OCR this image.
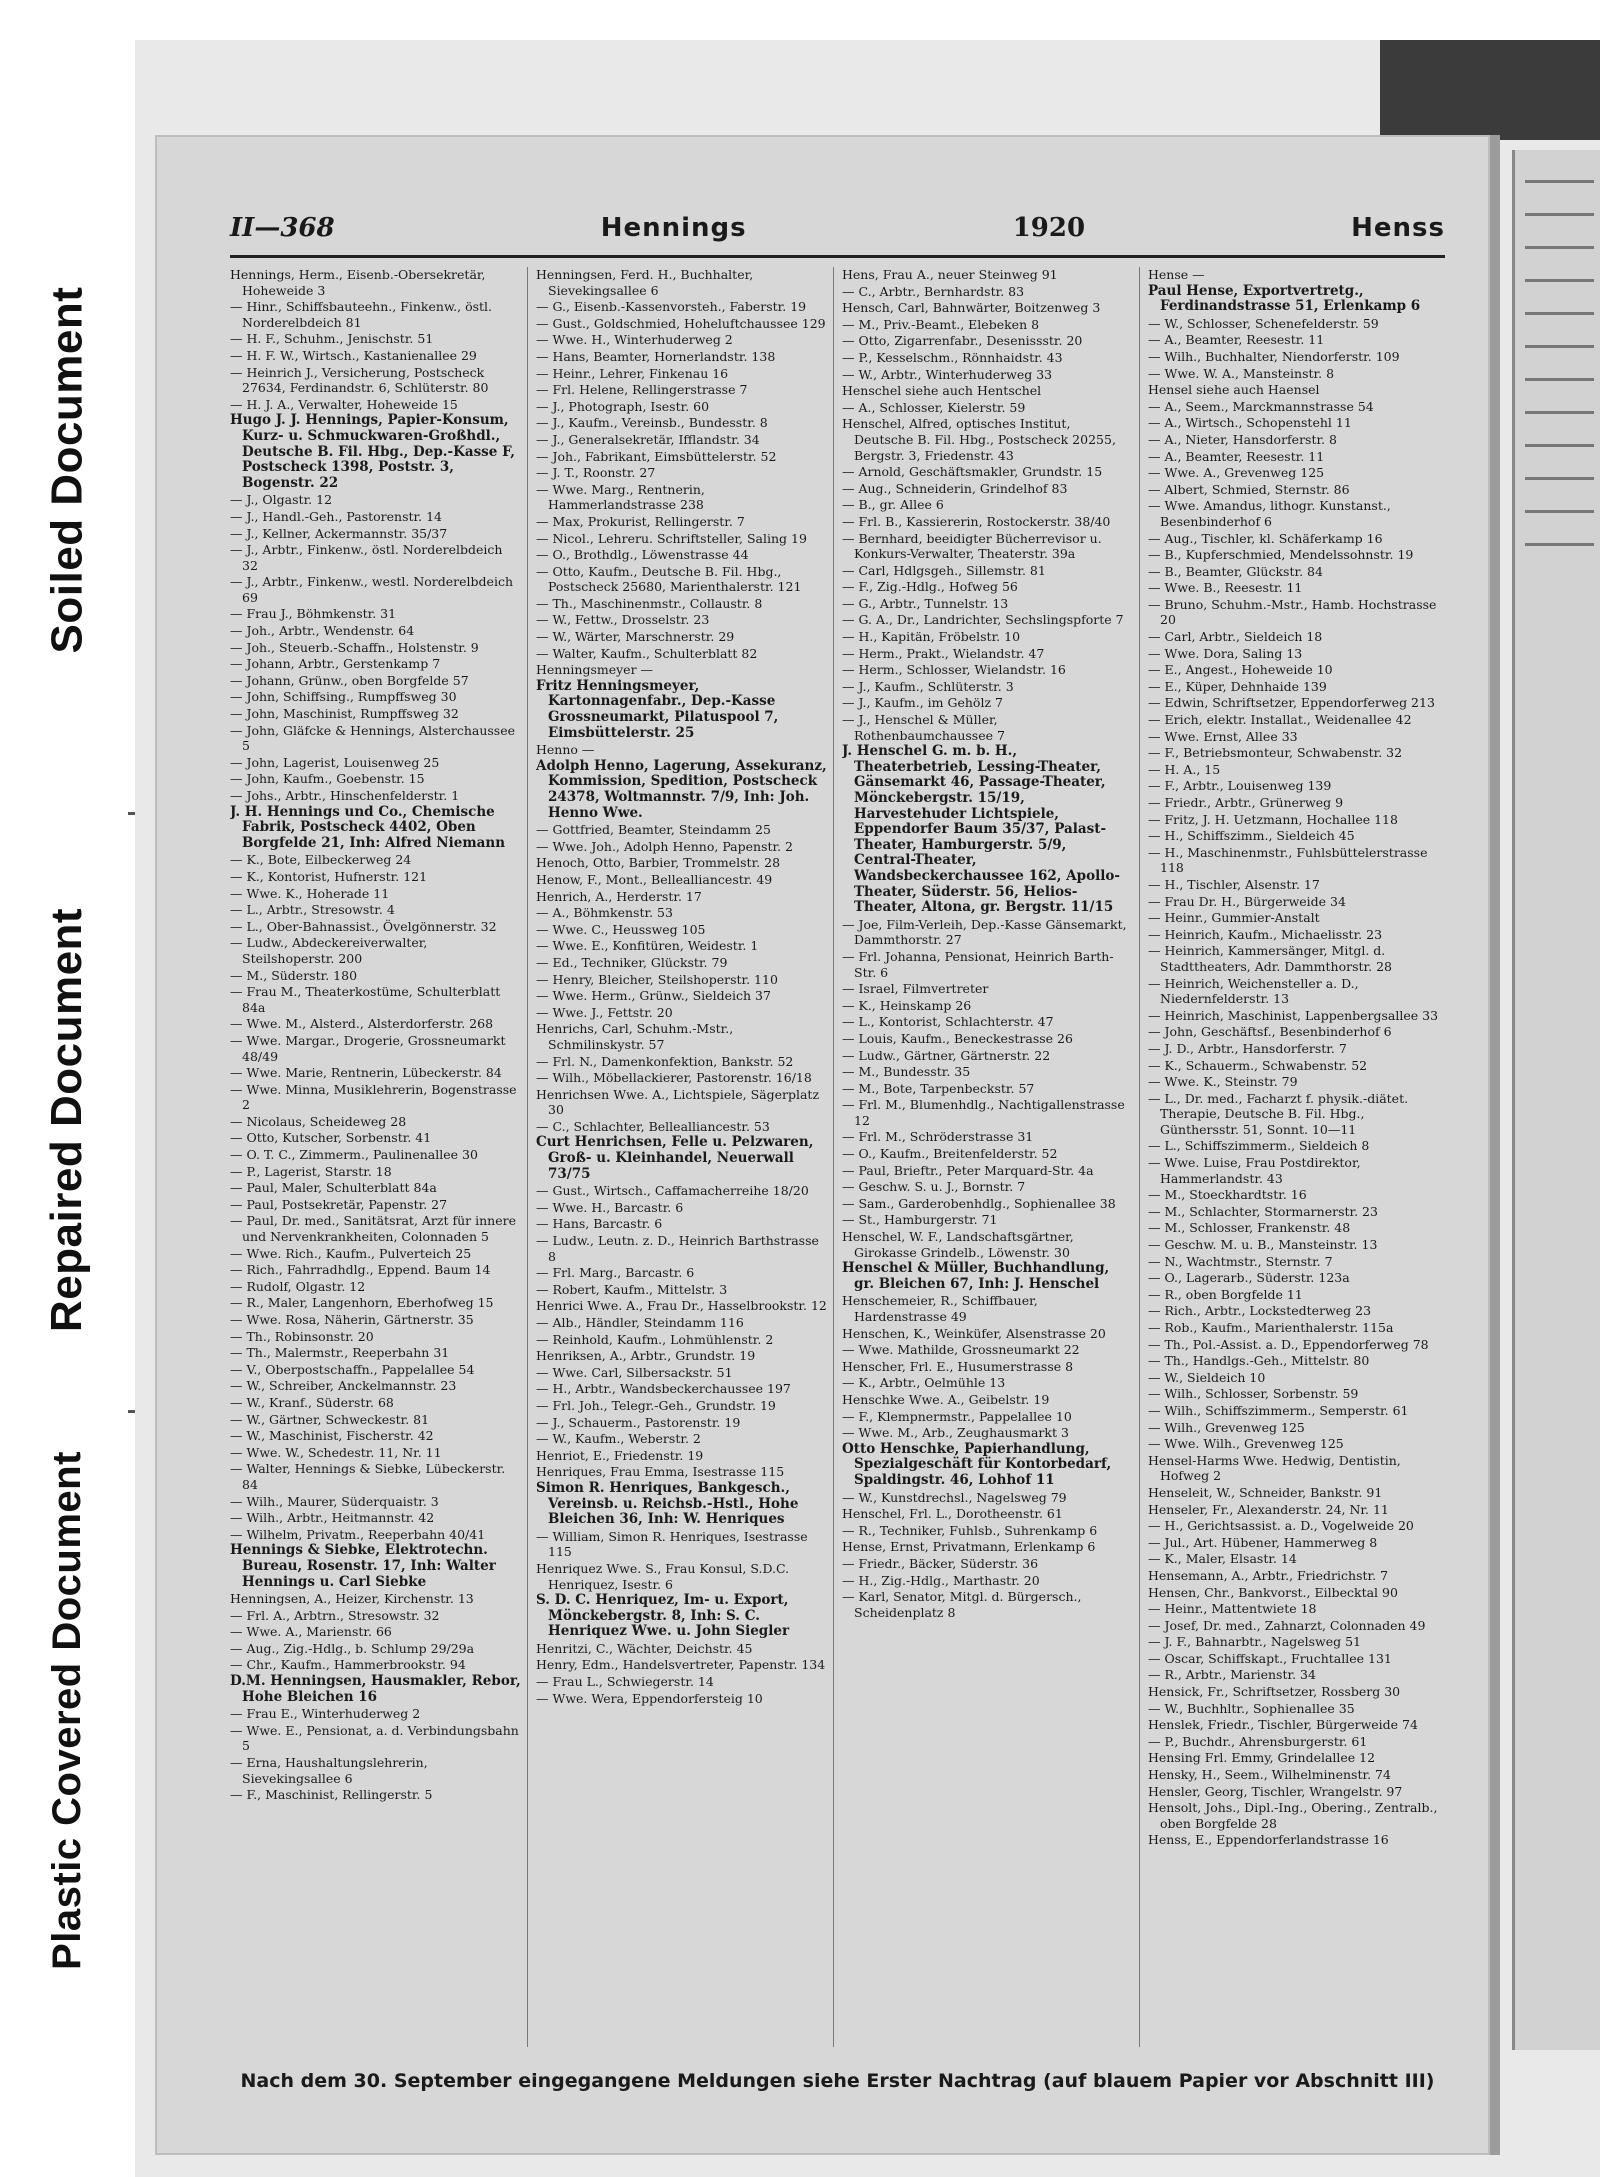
Soiled Document
Repaired Document
Plastic Covered Document
II—368	Hennings	1920	Henss
Hennings, Herm., Eisenb.-Obersekretär, Hoheweide 3
— Hinr., Schiffsbauteehn., Finkenw., östl. Norderelbdeich 81
— H. F., Schuhm., Jenischstr. 51
— H. F. W., Wirtsch., Kastanienallee 29
— Heinrich J., Versicherung, Postscheck 27634, Ferdinandstr. 6, Schlüterstr. 80
— H. J. A., Verwalter, Hoheweide 15
Hugo J. J. Hennings, Papier-Konsum, Kurz- u. Schmuckwaren-Großhdl., Deutsche B. Fil. Hbg., Dep.-Kasse F, Postscheck 1398, Poststr. 3, Bogenstr. 22
— J., Olgastr. 12
— J., Handl.-Geh., Pastorenstr. 14
— J., Kellner, Ackermannstr. 35/37
— J., Arbtr., Finkenw., östl. Norderelbdeich 32
— J., Arbtr., Finkenw., westl. Norderelbdeich 69
— Frau J., Böhmkenstr. 31
— Joh., Arbtr., Wendenstr. 64
— Joh., Steuerb.-Schaffn., Holstenstr. 9
— Johann, Arbtr., Gerstenkamp 7
— Johann, Grünw., oben Borgfelde 57
— John, Schiffsing., Rumpffsweg 30
— John, Maschinist, Rumpffsweg 32
— John, Gläfcke & Hennings, Alsterchaussee 5
— John, Lagerist, Louisenweg 25
— John, Kaufm., Goebenstr. 15
— Johs., Arbtr., Hinschenfelderstr. 1
J. H. Hennings und Co., Chemische Fabrik, Postscheck 4402, Oben Borgfelde 21, Inh: Alfred Niemann
— K., Bote, Eilbeckerweg 24
— K., Kontorist, Hufnerstr. 121
— Wwe. K., Hoherade 11
— L., Arbtr., Stresowstr. 4
— L., Ober-Bahnassist., Övelgönnerstr. 32
— Ludw., Abdeckereiverwalter, Steilshoperstr. 200
— M., Süderstr. 180
— Frau M., Theaterkostüme, Schulterblatt 84a
— Wwe. M., Alsterd., Alsterdorferstr. 268
— Wwe. Margar., Drogerie, Grossneumarkt 48/49
— Wwe. Marie, Rentnerin, Lübeckerstr. 84
— Wwe. Minna, Musiklehrerin, Bogenstrasse 2
— Nicolaus, Scheideweg 28
— Otto, Kutscher, Sorbenstr. 41
— O. T. C., Zimmerm., Paulinenallee 30
— P., Lagerist, Starstr. 18
— Paul, Maler, Schulterblatt 84a
— Paul, Postsekretär, Papenstr. 27
— Paul, Dr. med., Sanitätsrat, Arzt für innere und Nervenkrankheiten, Colonnaden 5
— Wwe. Rich., Kaufm., Pulverteich 25
— Rich., Fahrradhdlg., Eppend. Baum 14
— Rudolf, Olgastr. 12
— R., Maler, Langenhorn, Eberhofweg 15
— Wwe. Rosa, Näherin, Gärtnerstr. 35
— Th., Robinsonstr. 20
— Th., Malermstr., Reeperbahn 31
— V., Oberpostschaffn., Pappelallee 54
— W., Schreiber, Anckelmannstr. 23
— W., Kranf., Süderstr. 68
— W., Gärtner, Schweckestr. 81
— W., Maschinist, Fischerstr. 42
— Wwe. W., Schedestr. 11, Nr. 11
— Walter, Hennings & Siebke, Lübeckerstr. 84
— Wilh., Maurer, Süderquaistr. 3
— Wilh., Arbtr., Heitmannstr. 42
— Wilhelm, Privatm., Reeperbahn 40/41
Hennings & Siebke, Elektrotechn. Bureau, Rosenstr. 17, Inh: Walter Hennings u. Carl Siebke
Henningsen, A., Heizer, Kirchenstr. 13
— Frl. A., Arbtrn., Stresowstr. 32
— Wwe. A., Marienstr. 66
— Aug., Zig.-Hdlg., b. Schlump 29/29a
— Chr., Kaufm., Hammerbrookstr. 94
D.M. Henningsen, Hausmakler, Rebor, Hohe Bleichen 16
— Frau E., Winterhuderweg 2
— Wwe. E., Pensionat, a. d. Verbindungsbahn 5
— Erna, Haushaltungslehrerin, Sievekingsallee 6
— F., Maschinist, Rellingerstr. 5
Henningsen, Ferd. H., Buchhalter, Sievekingsallee 6
— G., Eisenb.-Kassenvorsteh., Faberstr. 19
— Gust., Goldschmied, Hoheluftchaussee 129
— Wwe. H., Winterhuderweg 2
— Hans, Beamter, Hornerlandstr. 138
— Heinr., Lehrer, Finkenau 16
— Frl. Helene, Rellingerstrasse 7
— J., Photograph, Isestr. 60
— J., Kaufm., Vereinsb., Bundesstr. 8
— J., Generalsekretär, Ifflandstr. 34
— Joh., Fabrikant, Eimsbüttelerstr. 52
— J. T., Roonstr. 27
— Wwe. Marg., Rentnerin, Hammerlandstrasse 238
— Max, Prokurist, Rellingerstr. 7
— Nicol., Lehreru. Schriftsteller, Saling 19
— O., Brothdlg., Löwenstrasse 44
— Otto, Kaufm., Deutsche B. Fil. Hbg., Postscheck 25680, Marienthalerstr. 121
— Th., Maschinenmstr., Collaustr. 8
— W., Fettw., Drosselstr. 23
— W., Wärter, Marschnerstr. 29
— Walter, Kaufm., Schulterblatt 82
Henningsmeyer —
Fritz Henningsmeyer, Kartonnagenfabr., Dep.-Kasse Grossneumarkt, Pilatuspool 7, Eimsbüttelerstr. 25
Henno —
Adolph Henno, Lagerung, Assekuranz, Kommission, Spedition, Postscheck 24378, Woltmannstr. 7/9, Inh: Joh. Henno Wwe.
— Gottfried, Beamter, Steindamm 25
— Wwe. Joh., Adolph Henno, Papenstr. 2
Henoch, Otto, Barbier, Trommelstr. 28
Henow, F., Mont., Bellealliancestr. 49
Henrich, A., Herderstr. 17
— A., Böhmkenstr. 53
— Wwe. C., Heussweg 105
— Wwe. E., Konfitüren, Weidestr. 1
— Ed., Techniker, Glückstr. 79
— Henry, Bleicher, Steilshoperstr. 110
— Wwe. Herm., Grünw., Sieldeich 37
— Wwe. J., Fettstr. 20
Henrichs, Carl, Schuhm.-Mstr., Schmilinskystr. 57
— Frl. N., Damenkonfektion, Bankstr. 52
— Wilh., Möbellackierer, Pastorenstr. 16/18
Henrichsen Wwe. A., Lichtspiele, Sägerplatz 30
— C., Schlachter, Bellealliancestr. 53
Curt Henrichsen, Felle u. Pelzwaren, Groß- u. Kleinhandel, Neuerwall 73/75
— Gust., Wirtsch., Caffamacherreihe 18/20
— Wwe. H., Barcastr. 6
— Hans, Barcastr. 6
— Ludw., Leutn. z. D., Heinrich Barthstrasse 8
— Frl. Marg., Barcastr. 6
— Robert, Kaufm., Mittelstr. 3
Henrici Wwe. A., Frau Dr., Hasselbrookstr. 12
— Alb., Händler, Steindamm 116
— Reinhold, Kaufm., Lohmühlenstr. 2
Henriksen, A., Arbtr., Grundstr. 19
— Wwe. Carl, Silbersackstr. 51
— H., Arbtr., Wandsbeckerchaussee 197
— Frl. Joh., Telegr.-Geh., Grundstr. 19
— J., Schauerm., Pastorenstr. 19
— W., Kaufm., Weberstr. 2
Henriot, E., Friedenstr. 19
Henriques, Frau Emma, Isestrasse 115
Simon R. Henriques, Bankgesch., Vereinsb. u. Reichsb.-Hstl., Hohe Bleichen 36, Inh: W. Henriques
— William, Simon R. Henriques, Isestrasse 115
Henriquez Wwe. S., Frau Konsul, S.D.C. Henriquez, Isestr. 6
S. D. C. Henriquez, Im- u. Export, Mönckebergstr. 8, Inh: S. C. Henriquez Wwe. u. John Siegler
Henritzi, C., Wächter, Deichstr. 45
Henry, Edm., Handelsvertreter, Papenstr. 134
— Frau L., Schwiegerstr. 14
— Wwe. Wera, Eppendorfersteig 10
Hens, Frau A., neuer Steinweg 91
— C., Arbtr., Bernhardstr. 83
Hensch, Carl, Bahnwärter, Boitzenweg 3
— M., Priv.-Beamt., Elebeken 8
— Otto, Zigarrenfabr., Desenissstr. 20
— P., Kesselschm., Rönnhaidstr. 43
— W., Arbtr., Winterhuderweg 33
Henschel siehe auch Hentschel
— A., Schlosser, Kielerstr. 59
Henschel, Alfred, optisches Institut, Deutsche B. Fil. Hbg., Postscheck 20255, Bergstr. 3, Friedenstr. 43
— Arnold, Geschäftsmakler, Grundstr. 15
— Aug., Schneiderin, Grindelhof 83
— B., gr. Allee 6
— Frl. B., Kassiererin, Rostockerstr. 38/40
— Bernhard, beeidigter Bücherrevisor u. Konkurs-Verwalter, Theaterstr. 39a
— Carl, Hdlgsgeh., Sillemstr. 81
— F., Zig.-Hdlg., Hofweg 56
— G., Arbtr., Tunnelstr. 13
— G. A., Dr., Landrichter, Sechslingspforte 7
— H., Kapitän, Fröbelstr. 10
— Herm., Prakt., Wielandstr. 47
— Herm., Schlosser, Wielandstr. 16
— J., Kaufm., Schlüterstr. 3
— J., Kaufm., im Gehölz 7
— J., Henschel & Müller, Rothenbaumchaussee 7
J. Henschel G. m. b. H., Theaterbetrieb, Lessing-Theater, Gänsemarkt 46, Passage-Theater, Mönckebergstr. 15/19, Harvestehuder Lichtspiele, Eppendorfer Baum 35/37, Palast-Theater, Hamburgerstr. 5/9, Central-Theater, Wandsbeckerchaussee 162, Apollo-Theater, Süderstr. 56, Helios-Theater, Altona, gr. Bergstr. 11/15
— Joe, Film-Verleih, Dep.-Kasse Gänsemarkt, Dammthorstr. 27
— Frl. Johanna, Pensionat, Heinrich Barth-Str. 6
— Israel, Filmvertreter
— K., Heinskamp 26
— L., Kontorist, Schlachterstr. 47
— Louis, Kaufm., Beneckestrasse 26
— Ludw., Gärtner, Gärtnerstr. 22
— M., Bundesstr. 35
— M., Bote, Tarpenbeckstr. 57
— Frl. M., Blumenhdlg., Nachtigallenstrasse 12
— Frl. M., Schröderstrasse 31
— O., Kaufm., Breitenfelderstr. 52
— Paul, Brieftr., Peter Marquard-Str. 4a
— Geschw. S. u. J., Bornstr. 7
— Sam., Garderobenhdlg., Sophienallee 38
— St., Hamburgerstr. 71
Henschel, W. F., Landschaftsgärtner, Girokasse Grindelb., Löwenstr. 30
Henschel & Müller, Buchhandlung, gr. Bleichen 67, Inh: J. Henschel
Henschemeier, R., Schiffbauer, Hardenstrasse 49
Henschen, K., Weinküfer, Alsenstrasse 20
— Wwe. Mathilde, Grossneumarkt 22
Henscher, Frl. E., Husumerstrasse 8
— K., Arbtr., Oelmühle 13
Henschke Wwe. A., Geibelstr. 19
— F., Klempnermstr., Pappelallee 10
— Wwe. M., Arb., Zeughausmarkt 3
Otto Henschke, Papierhandlung, Spezialgeschäft für Kontorbedarf, Spaldingstr. 46, Lohhof 11
— W., Kunstdrechsl., Nagelsweg 79
Henschel, Frl. L., Dorotheenstr. 61
— R., Techniker, Fuhlsb., Suhrenkamp 6
Hense, Ernst, Privatmann, Erlenkamp 6
— Friedr., Bäcker, Süderstr. 36
— H., Zig.-Hdlg., Marthastr. 20
— Karl, Senator, Mitgl. d. Bürgersch., Scheidenplatz 8
Hense —
Paul Hense, Exportvertretg., Ferdinandstrasse 51, Erlenkamp 6
— W., Schlosser, Schenefelderstr. 59
— A., Beamter, Reesestr. 11
— Wilh., Buchhalter, Niendorferstr. 109
— Wwe. W. A., Mansteinstr. 8
Hensel siehe auch Haensel
— A., Seem., Marckmannstrasse 54
— A., Wirtsch., Schopenstehl 11
— A., Nieter, Hansdorferstr. 8
— A., Beamter, Reesestr. 11
— Wwe. A., Grevenweg 125
— Albert, Schmied, Sternstr. 86
— Wwe. Amandus, lithogr. Kunstanst., Besenbinderhof 6
— Aug., Tischler, kl. Schäferkamp 16
— B., Kupferschmied, Mendelssohnstr. 19
— B., Beamter, Glückstr. 84
— Wwe. B., Reesestr. 11
— Bruno, Schuhm.-Mstr., Hamb. Hochstrasse 20
— Carl, Arbtr., Sieldeich 18
— Wwe. Dora, Saling 13
— E., Angest., Hoheweide 10
— E., Küper, Dehnhaide 139
— Edwin, Schriftsetzer, Eppendorferweg 213
— Erich, elektr. Installat., Weidenallee 42
— Wwe. Ernst, Allee 33
— F., Betriebsmonteur, Schwabenstr. 32
— H. A., 15
— F., Arbtr., Louisenweg 139
— Friedr., Arbtr., Grünerweg 9
— Fritz, J. H. Uetzmann, Hochallee 118
— H., Schiffszimm., Sieldeich 45
— H., Maschinenmstr., Fuhlsbüttelerstrasse 118
— H., Tischler, Alsenstr. 17
— Frau Dr. H., Bürgerweide 34
— Heinr., Gummier-Anstalt
— Heinrich, Kaufm., Michaelisstr. 23
— Heinrich, Kammersänger, Mitgl. d. Stadttheaters, Adr. Dammthorstr. 28
— Heinrich, Weichensteller a. D., Niedernfelderstr. 13
— Heinrich, Maschinist, Lappenbergsallee 33
— John, Geschäftsf., Besenbinderhof 6
— J. D., Arbtr., Hansdorferstr. 7
— K., Schauerm., Schwabenstr. 52
— Wwe. K., Steinstr. 79
— L., Dr. med., Facharzt f. physik.-diätet. Therapie, Deutsche B. Fil. Hbg., Günthersstr. 51, Sonnt. 10—11
— L., Schiffszimmerm., Sieldeich 8
— Wwe. Luise, Frau Postdirektor, Hammerlandstr. 43
— M., Stoeckhardtstr. 16
— M., Schlachter, Stormarnerstr. 23
— M., Schlosser, Frankenstr. 48
— Geschw. M. u. B., Mansteinstr. 13
— N., Wachtmstr., Sternstr. 7
— O., Lagerarb., Süderstr. 123a
— R., oben Borgfelde 11
— Rich., Arbtr., Lockstedterweg 23
— Rob., Kaufm., Marienthalerstr. 115a
— Th., Pol.-Assist. a. D., Eppendorferweg 78
— Th., Handlgs.-Geh., Mittelstr. 80
— W., Sieldeich 10
— Wilh., Schlosser, Sorbenstr. 59
— Wilh., Schiffszimmerm., Semperstr. 61
— Wilh., Grevenweg 125
— Wwe. Wilh., Grevenweg 125
Hensel-Harms Wwe. Hedwig, Dentistin, Hofweg 2
Henseleit, W., Schneider, Bankstr. 91
Henseler, Fr., Alexanderstr. 24, Nr. 11
— H., Gerichtsassist. a. D., Vogelweide 20
— Jul., Art. Hübener, Hammerweg 8
— K., Maler, Elsastr. 14
Hensemann, A., Arbtr., Friedrichstr. 7
Hensen, Chr., Bankvorst., Eilbecktal 90
— Heinr., Mattentwiete 18
— Josef, Dr. med., Zahnarzt, Colonnaden 49
— J. F., Bahnarbtr., Nagelsweg 51
— Oscar, Schiffskapt., Fruchtallee 131
— R., Arbtr., Marienstr. 34
Hensick, Fr., Schriftsetzer, Rossberg 30
— W., Buchhltr., Sophienallee 35
Henslek, Friedr., Tischler, Bürgerweide 74
— P., Buchdr., Ahrensburgerstr. 61
Hensing Frl. Emmy, Grindelallee 12
Hensky, H., Seem., Wilhelminenstr. 74
Hensler, Georg, Tischler, Wrangelstr. 97
Hensolt, Johs., Dipl.-Ing., Obering., Zentralb., oben Borgfelde 28
Henss, E., Eppendorferlandstrasse 16
Nach dem 30. September eingegangene Meldungen siehe Erster Nachtrag (auf blauem Papier vor Abschnitt III)
